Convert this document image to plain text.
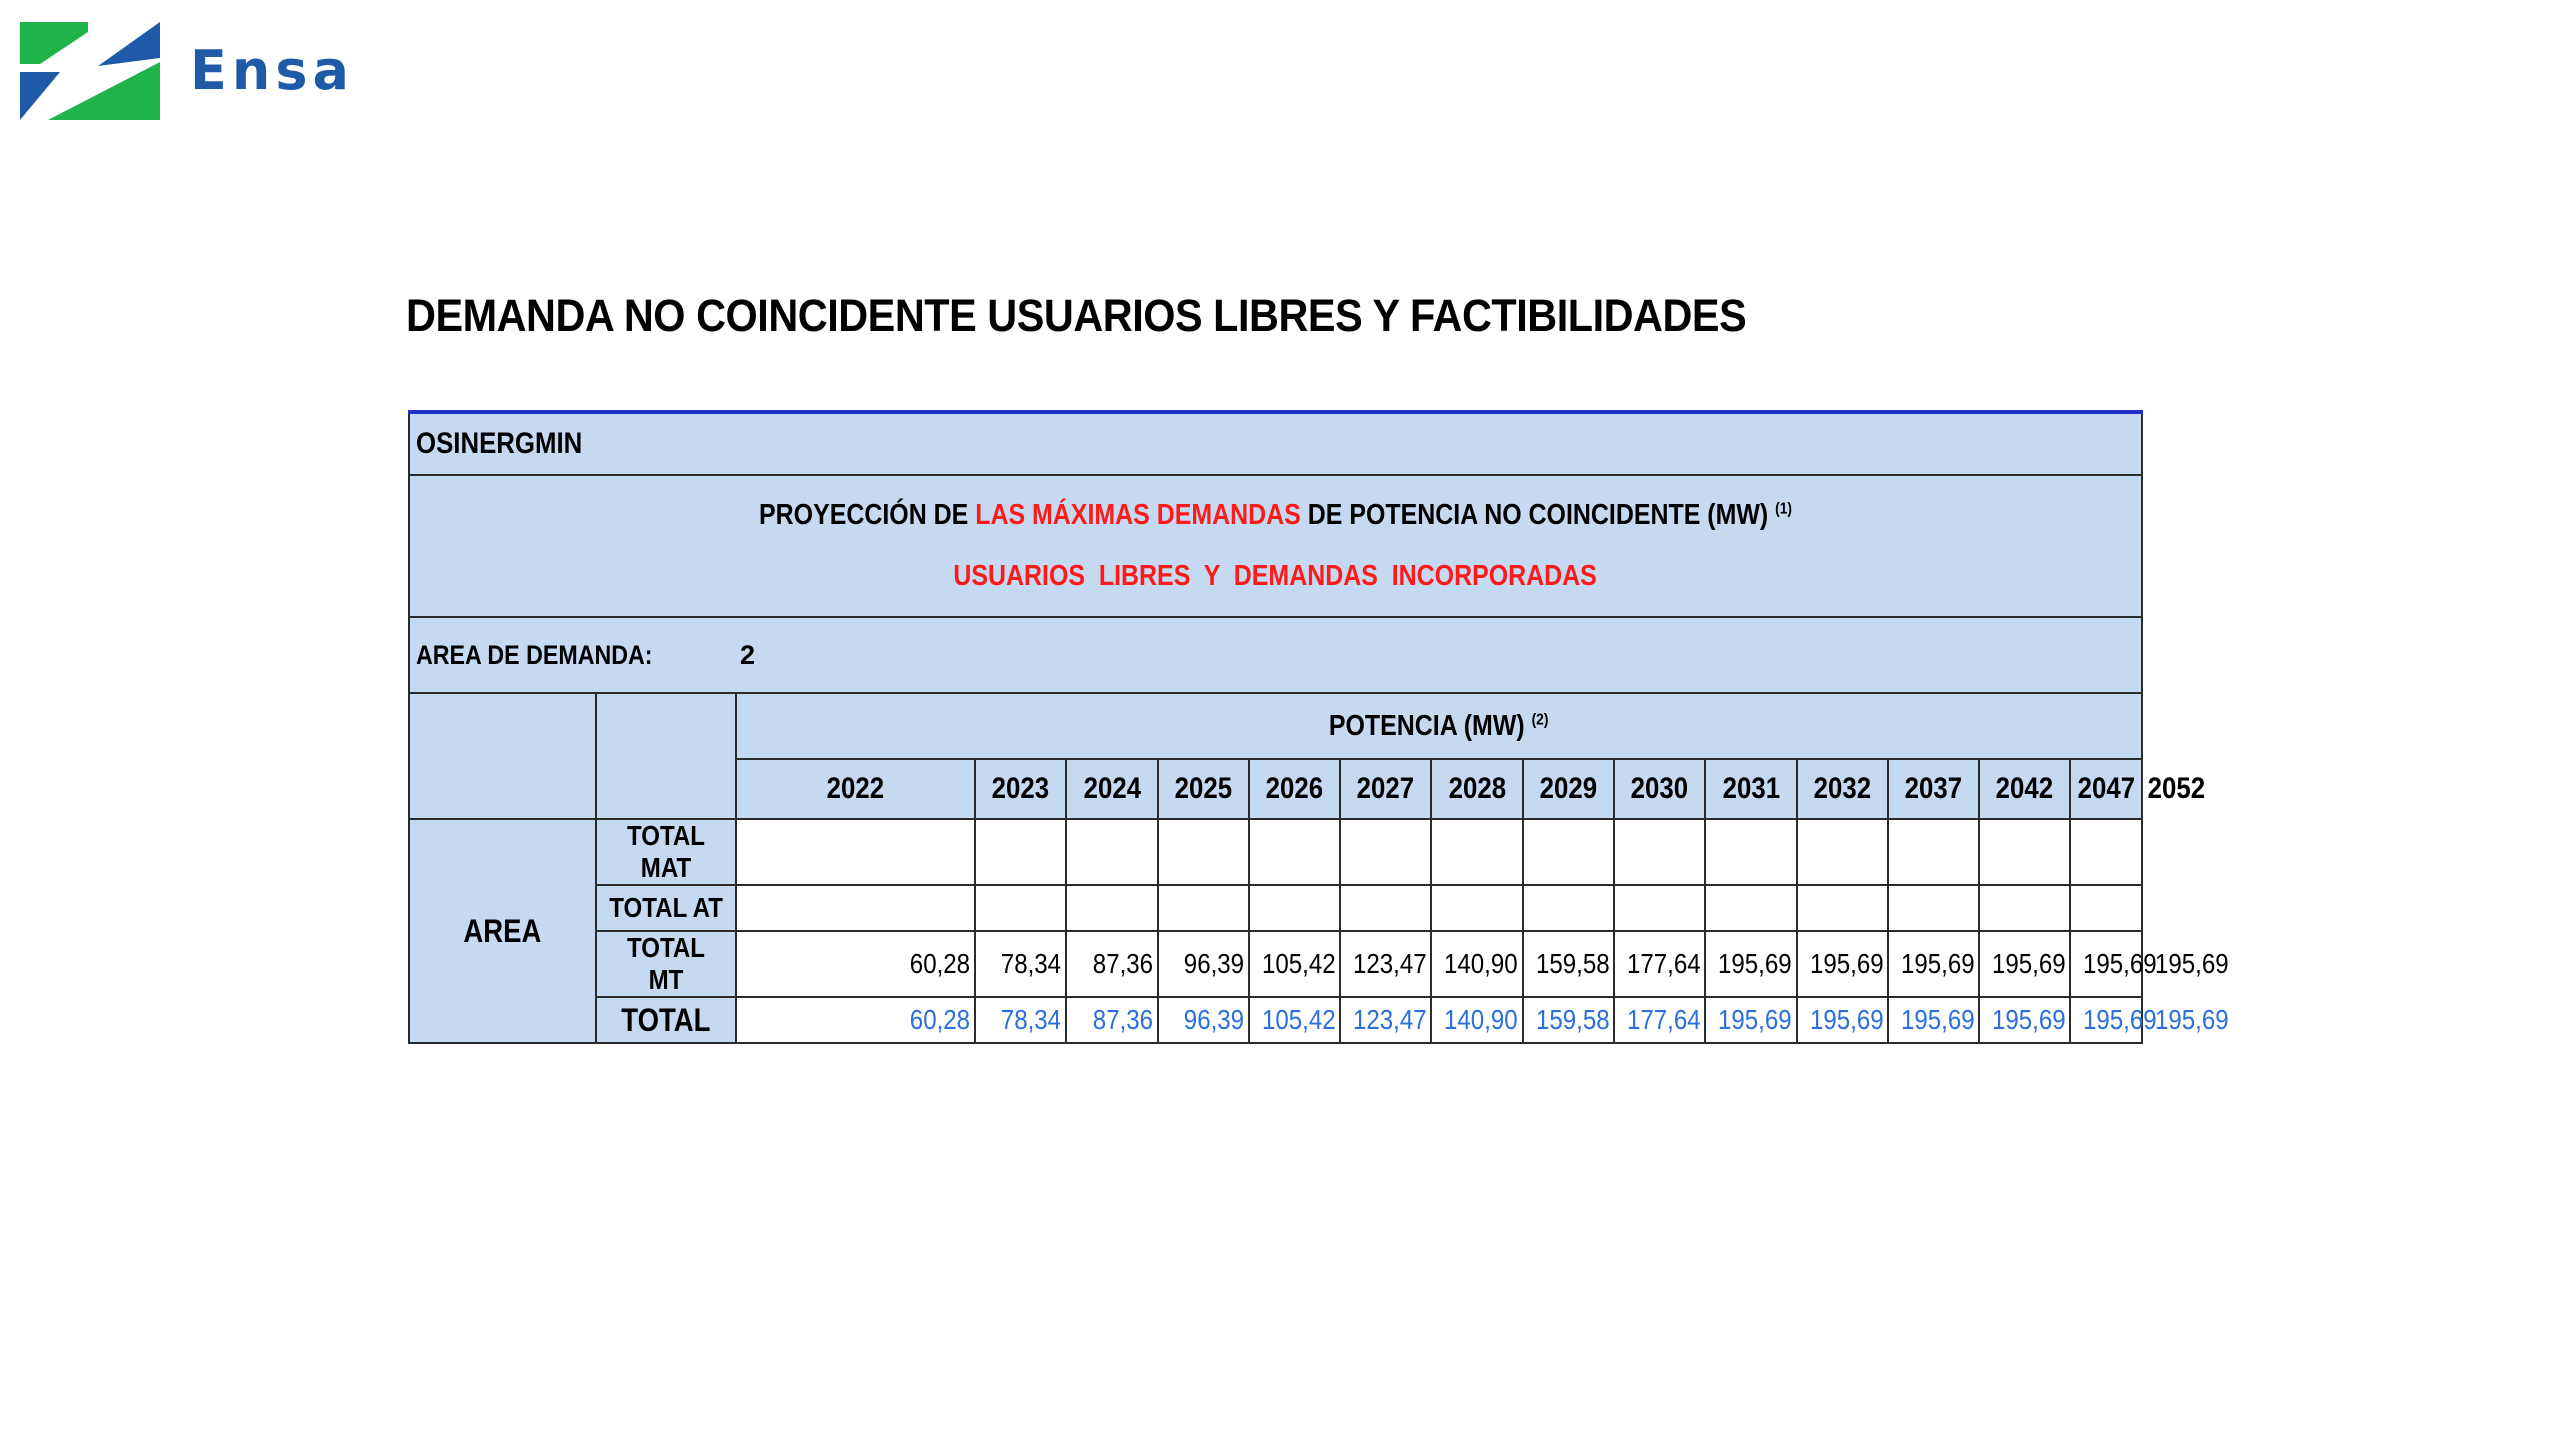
Ensa
DEMANDA NO COINCIDENTE USUARIOS LIBRES Y FACTIBILIDADES
OSINERGMIN																

PROYECCIÓN DE LAS MÁXIMAS DEMANDAS DE POTENCIA NO COINCIDENTE (MW) $^{(1)}$
USUARIOS  LIBRES  Y  DEMANDAS  INCORPORADAS																
AREA DE DEMANDA: 2																
		POTENCIA (MW) $^{(2)}$
		2022	2023	2024	2025	2026	2027	2028	2029	2030	2031	2032	2037	2042	2047	2052
AREA	TOTAL MAT															
	TOTAL AT															
	TOTAL MT	60,28	78,34	87,36	96,39	105,42	123,47	140,90	159,58	177,64	195,69	195,69	195,69	195,69	195,69	195,69
	TOTAL	60,28	78,34	87,36	96,39	105,42	123,47	140,90	159,58	177,64	195,69	195,69	195,69	195,69	195,69	195,69
